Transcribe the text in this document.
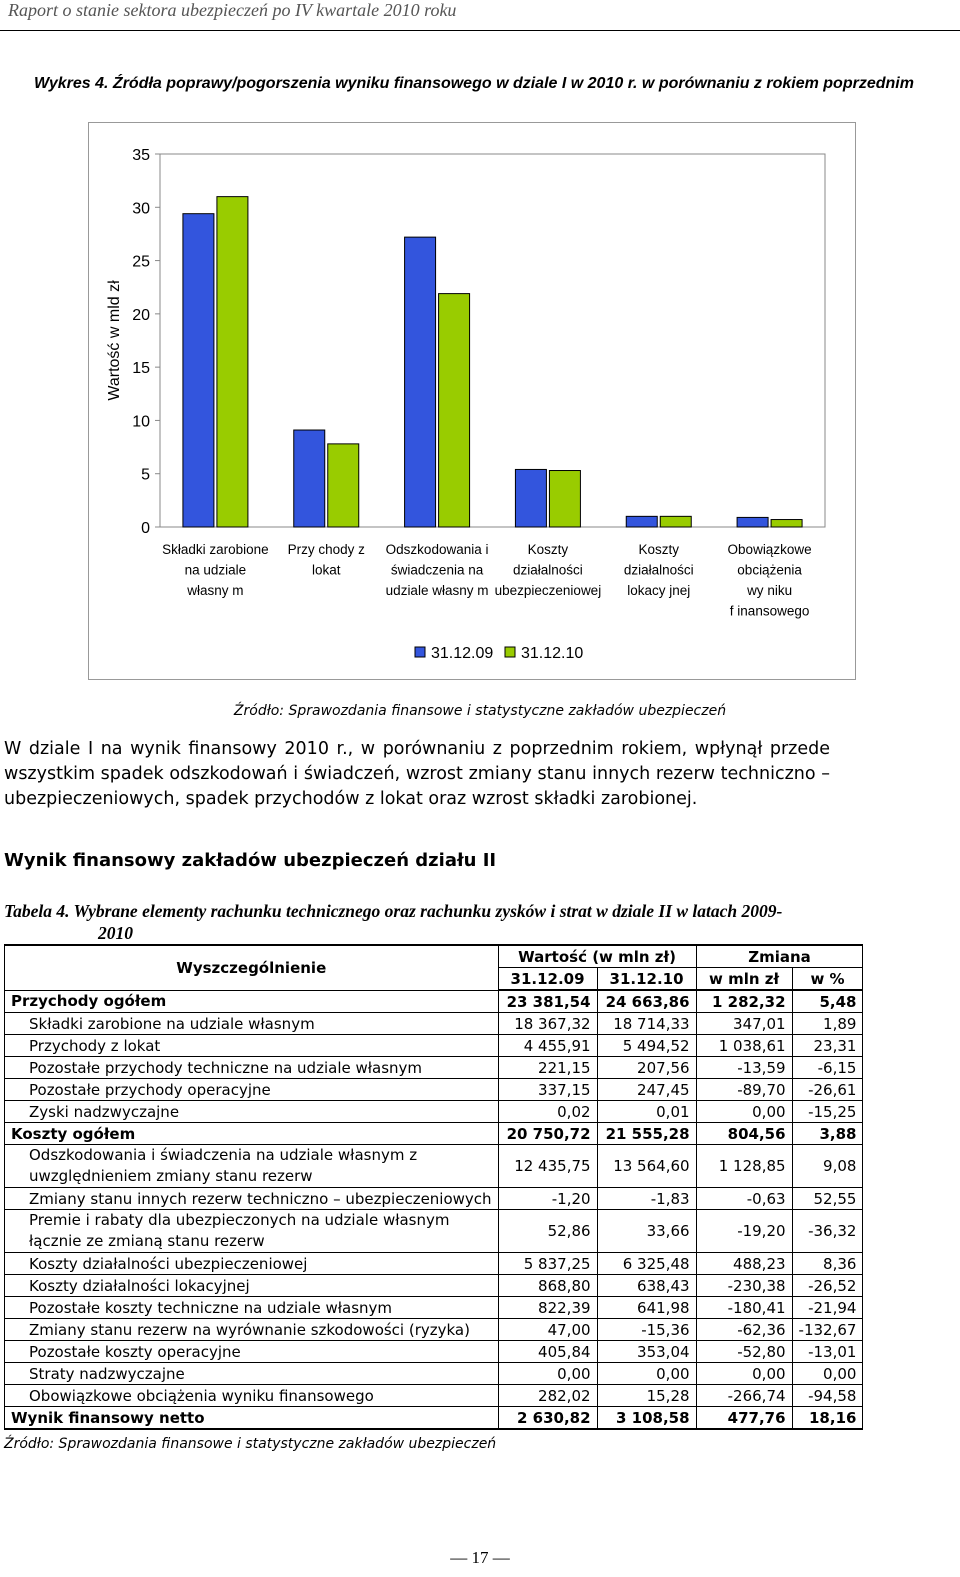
Raport o stanie sektora ubezpieczeń po IV kwartale 2010 roku
Wykres 4. Źródła poprawy/pogorszenia wyniku finansowego w dziale I w 2010 r. w porównaniu z rokiem poprzednim
0
5
10
15
20
25
30
35
Wartość w mld zł
Składki zarobione
na udziale
własny m
Przy chody z
lokat
Odszkodowania i
świadczenia na
udziale własny m
Koszty
działalności
ubezpieczeniowej
Koszty
działalności
lokacy jnej
Obowiązkowe
obciążenia
wy niku
f inansowego
31.12.09 31.12.10
Źródło: Sprawozdania finansowe i statystyczne zakładów ubezpieczeń
W dziale I na wynik finansowy 2010 r., w porównaniu z poprzednim rokiem, wpłynął przede wszystkim spadek odszkodowań i świadczeń, wzrost zmiany stanu innych rezerw techniczno – ubezpieczeniowych, spadek przychodów z lokat oraz wzrost składki zarobionej.
Wynik finansowy zakładów ubezpieczeń działu II
Tabela 4. Wybrane elementy rachunku technicznego oraz rachunku zysków i strat w dziale II w latach 2009-
2010
Wyszczególnienie	Wartość (w mln zł)		Zmiana	
	31.12.09	31.12.10	w mln zł	w %
Przychody ogółem	23 381,54	24 663,86	1 282,32	5,48
Składki zarobione na udziale własnym	18 367,32	18 714,33	347,01	1,89
Przychody z lokat	4 455,91	5 494,52	1 038,61	23,31
Pozostałe przychody techniczne na udziale własnym	221,15	207,56	-13,59	-6,15
Pozostałe przychody operacyjne	337,15	247,45	-89,70	-26,61
Zyski nadzwyczajne	0,02	0,01	0,00	-15,25
Koszty ogółem	20 750,72	21 555,28	804,56	3,88
Odszkodowania i świadczenia na udziale własnym z uwzględnieniem zmiany stanu rezerw	12 435,75	13 564,60	1 128,85	9,08
Zmiany stanu innych rezerw techniczno – ubezpieczeniowych	-1,20	-1,83	-0,63	52,55
Premie i rabaty dla ubezpieczonych na udziale własnym łącznie ze zmianą stanu rezerw	52,86	33,66	-19,20	-36,32
Koszty działalności ubezpieczeniowej	5 837,25	6 325,48	488,23	8,36
Koszty działalności lokacyjnej	868,80	638,43	-230,38	-26,52
Pozostałe koszty techniczne na udziale własnym	822,39	641,98	-180,41	-21,94
Zmiany stanu rezerw na wyrównanie szkodowości (ryzyka)	47,00	-15,36	-62,36	-132,67
Pozostałe koszty operacyjne	405,84	353,04	-52,80	-13,01
Straty nadzwyczajne	0,00	0,00	0,00	0,00
Obowiązkowe obciążenia wyniku finansowego	282,02	15,28	-266,74	-94,58
Wynik finansowy netto	2 630,82	3 108,58	477,76	18,16
Źródło: Sprawozdania finansowe i statystyczne zakładów ubezpieczeń
— 17 —
